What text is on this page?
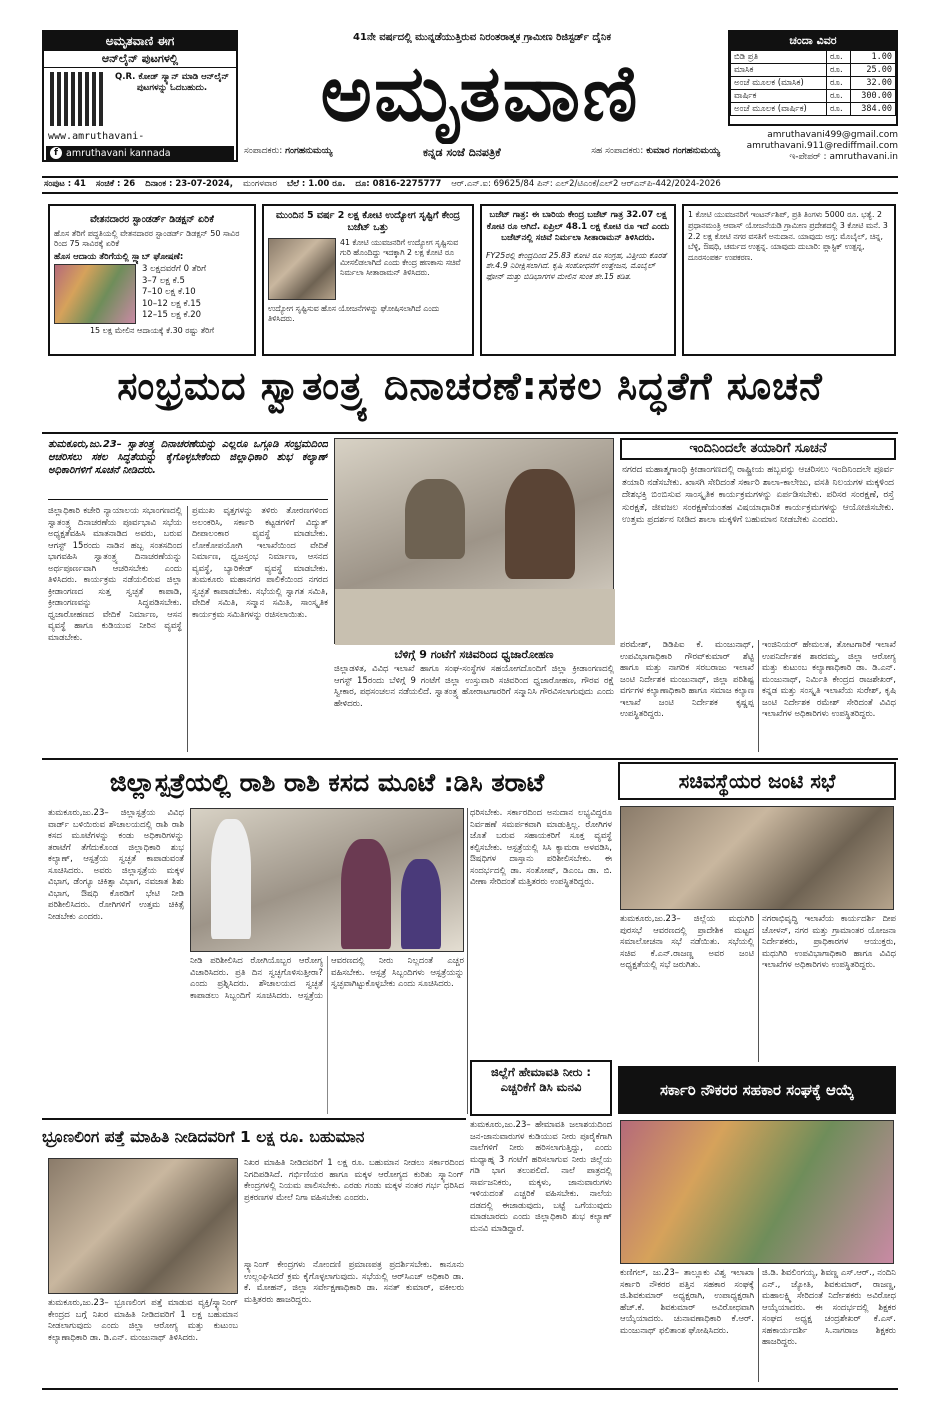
ಅಮೃತವಾಣಿ ಈಗ
ಆನ್‌ಲೈನ್ ಪುಟಗಳಲ್ಲಿ
Q.R. ಕೋಡ್ ಸ್ಕ್ಯಾನ್ ಮಾಡಿ ಆನ್‌ಲೈನ್ ಪುಟಗಳನ್ನು ಓದಬಹುದು.
www.amruthavani-
f amruthavani kannada
41ನೇ ವರ್ಷದಲ್ಲಿ ಮುನ್ನಡೆಯುತ್ತಿರುವ ನಿರಂತರಾತ್ಮಕ ಗ್ರಾಮೀಣ ರಿಜಿಸ್ಟರ್ಡ್ ದೈನಿಕ
ಅಮೃತವಾಣಿ
ಸಂಪಾದಕರು: ಗಂಗಹನುಮಯ್ಯ	ಕನ್ನಡ ಸಂಜೆ ದಿನಪತ್ರಿಕೆ	ಸಹ ಸಂಪಾದಕರು: ಕುಮಾರ ಗಂಗಹನುಮಯ್ಯ
ಚಂದಾ ವಿವರ
ಬಿಡಿ ಪ್ರತಿ	ರೂ.	1.00
ಮಾಸಿಕ	ರೂ.	25.00
ಅಂಚೆ ಮೂಲಕ (ಮಾಸಿಕ)	ರೂ.	32.00
ವಾರ್ಷಿಕ	ರೂ.	300.00
ಅಂಚೆ ಮೂಲಕ (ವಾರ್ಷಿಕ)	ರೂ.	384.00
amruthavani499@gmail.com
amruthavani.911@rediffmail.com
ಇ-ಪೇಪರ್ : amruthavani.in
ಸಂಪುಟ : 41 ಸಂಚಿಕೆ : 26 ದಿನಾಂಕ : 23-07-2024, ಮಂಗಳವಾರ ಬೆಲೆ : 1.00 ರೂ. ದೂ: 0816-2275777 ಆರ್.ಎನ್.ಐ: 69625/84 ಪಿನ್: ಎಲ್2/ಟಿಎಂಕೆ/ಎಲ್2 ಆರ್‌ಎನ್‌ಪಿ-442/2024-2026
ವೇತನದಾರರ ಸ್ಟಾಂಡರ್ಡ್ ಡಿಡಕ್ಷನ್ ಏರಿಕೆ
ಹೊಸ ತೆರಿಗೆ ಪದ್ಧತಿಯಲ್ಲಿ ವೇತನದಾರರ ಸ್ಟಾಂಡರ್ಡ್ ಡಿಡಕ್ಷನ್ 50 ಸಾವಿರ ರಿಂದ 75 ಸಾವಿರಕ್ಕೆ ಏರಿಕೆ
ಹೊಸ ಆದಾಯ ತೆರಿಗೆಯಲ್ಲಿ ಸ್ಲ್ಯಾಬ್ ಘೋಷಣೆ:
3 ಲಕ್ಷದವರೆಗೆ 0 ತೆರಿಗೆ
3–7 ಲಕ್ಷ ಕೆ.5
7–10 ಲಕ್ಷ ಕೆ.10
10–12 ಲಕ್ಷ ಕೆ.15
12–15 ಲಕ್ಷ ಕೆ.20
15 ಲಕ್ಷ ಮೇಲಿನ ಆದಾಯಕ್ಕೆ ಕೆ.30 ರಷ್ಟು ತೆರಿಗೆ
ಮುಂದಿನ 5 ವರ್ಷ 2 ಲಕ್ಷ ಕೋಟಿ ಉದ್ಯೋಗ ಸೃಷ್ಟಿಗೆ ಕೇಂದ್ರ ಬಜೆಟ್ ಒತ್ತು
41 ಕೋಟಿ ಯುವಜನರಿಗೆ ಉದ್ಯೋಗ ಸೃಷ್ಟಿಸುವ ಗುರಿ ಹೊಂದಿದ್ದು ಇದಕ್ಕಾಗಿ 2 ಲಕ್ಷ ಕೋಟಿ ರೂ ಮೀಸಲಿಡಲಾಗಿದೆ ಎಂದು ಕೇಂದ್ರ ಹಣಕಾಸು ಸಚಿವೆ ನಿರ್ಮಲಾ ಸೀತಾರಾಮನ್ ತಿಳಿಸಿದರು.
ಉದ್ಯೋಗ ಸೃಷ್ಟಿಸುವ ಹೊಸ ಯೋಜನೆಗಳನ್ನು ಘೋಷಿಸಲಾಗಿದೆ ಎಂದು ತಿಳಿಸಿದರು.
ಬಜೆಟ್ ಗಾತ್ರ: ಈ ಬಾರಿಯ ಕೇಂದ್ರ ಬಜೆಟ್ ಗಾತ್ರ 32.07 ಲಕ್ಷ ಕೋಟಿ ರೂ ಆಗಿದೆ. ಏಪ್ರಿಲ್ 48.1 ಲಕ್ಷ ಕೋಟಿ ರೂ ಇದೆ ಎಂದು ಬಜೆಟ್‌ನಲ್ಲಿ ಸಚಿವೆ ನಿರ್ಮಲಾ ಸೀತಾರಾಮನ್ ತಿಳಿಸಿದರು.
FY25ರಲ್ಲಿ ಕೇಂದ್ರದಿಂದ 25.83 ಕೋಟಿ ರೂ ಸಂಗ್ರಹ, ವಿತ್ತೀಯ ಕೊರತೆ ಶೇ.4.9 ನಿರೀಕ್ಷಿಸಲಾಗಿದೆ. ಕೃಷಿ ಸಂಶೋಧನೆಗೆ ಉತ್ತೇಜನ, ಮೊಬೈಲ್ ಫೋನ್ ಮತ್ತು ಬಿಡಿಭಾಗಗಳ ಮೇಲಿನ ಸುಂಕ ಶೇ.15 ಕಡಿತ.
1 ಕೋಟಿ ಯುವಜನರಿಗೆ ಇಂಟರ್ನ್‌ಶಿಪ್, ಪ್ರತಿ ತಿಂಗಳು 5000 ರೂ. ಭತ್ಯೆ. 2 ಪ್ರಧಾನಮಂತ್ರಿ ಆವಾಸ್ ಯೋಜನೆಯಡಿ ಗ್ರಾಮೀಣ ಪ್ರದೇಶದಲ್ಲಿ 3 ಕೋಟಿ ಮನೆ. 3 2.2 ಲಕ್ಷ ಕೋಟಿ ನಗರ ವಸತಿಗೆ ಅನುದಾನ. ಯಾವುದು ಅಗ್ಗ: ಮೊಬೈಲ್, ಚಿನ್ನ, ಬೆಳ್ಳಿ, ಔಷಧಿ, ಚರ್ಮದ ಉತ್ಪನ್ನ. ಯಾವುದು ದುಬಾರಿ: ಪ್ಲಾಸ್ಟಿಕ್ ಉತ್ಪನ್ನ, ದೂರಸಂಪರ್ಕ ಉಪಕರಣ.
ಸಂಭ್ರಮದ ಸ್ವಾತಂತ್ರ್ಯ ದಿನಾಚರಣೆ:ಸಕಲ ಸಿದ್ಧತೆಗೆ ಸೂಚನೆ
ತುಮಕೂರು,ಜು.23– ಸ್ವಾತಂತ್ರ್ಯ ದಿನಾಚರಣೆಯನ್ನು ಎಲ್ಲರೂ ಒಗ್ಗೂಡಿ ಸಂಭ್ರಮದಿಂದ ಆಚರಿಸಲು ಸಕಲ ಸಿದ್ಧತೆಯನ್ನು ಕೈಗೊಳ್ಳಬೇಕೆಂದು ಜಿಲ್ಲಾಧಿಕಾರಿ ಶುಭ ಕಲ್ಯಾಣ್ ಅಧಿಕಾರಿಗಳಿಗೆ ಸೂಚನೆ ನೀಡಿದರು.
ಜಿಲ್ಲಾಧಿಕಾರಿ ಕಚೇರಿ ನ್ಯಾಯಾಲಯ ಸಭಾಂಗಣದಲ್ಲಿ ಸ್ವಾತಂತ್ರ್ಯ ದಿನಾಚರಣೆಯ ಪೂರ್ವಭಾವಿ ಸಭೆಯ ಅಧ್ಯಕ್ಷತೆವಹಿಸಿ ಮಾತನಾಡಿದ ಅವರು, ಬರುವ ಆಗಸ್ಟ್ 15ರಂದು ನಾಡಿನ ಹಬ್ಬ ಸಂತಸದಿಂದ ಭಾಗವಹಿಸಿ ಸ್ವಾತಂತ್ರ್ಯ ದಿನಾಚರಣೆಯನ್ನು ಅರ್ಥಪೂರ್ಣವಾಗಿ ಆಚರಿಸಬೇಕು ಎಂದು ತಿಳಿಸಿದರು. ಕಾರ್ಯಕ್ರಮ ನಡೆಯಲಿರುವ ಜಿಲ್ಲಾ ಕ್ರೀಡಾಂಗಣದ ಸುತ್ತ ಸ್ವಚ್ಛತೆ ಕಾಪಾಡಿ, ಕ್ರೀಡಾಂಗಣವನ್ನು ಸಿದ್ಧಪಡಿಸಬೇಕು. ಧ್ವಜಾರೋಹಣದ ವೇದಿಕೆ ನಿರ್ಮಾಣ, ಆಸನ ವ್ಯವಸ್ಥೆ ಹಾಗೂ ಕುಡಿಯುವ ನೀರಿನ ವ್ಯವಸ್ಥೆ ಮಾಡಬೇಕು.
ಪ್ರಮುಖ ವೃತ್ತಗಳನ್ನು ತಳಿರು ತೋರಣಗಳಿಂದ ಅಲಂಕರಿಸಿ, ಸರ್ಕಾರಿ ಕಟ್ಟಡಗಳಿಗೆ ವಿದ್ಯುತ್ ದೀಪಾಲಂಕಾರ ವ್ಯವಸ್ಥೆ ಮಾಡಬೇಕು. ಲೋಕೋಪಯೋಗಿ ಇಲಾಖೆಯಿಂದ ವೇದಿಕೆ ನಿರ್ಮಾಣ, ಧ್ವಜಸ್ತಂಭ ನಿರ್ಮಾಣ, ಆಸನದ ವ್ಯವಸ್ಥೆ, ಬ್ಯಾರಿಕೇಡ್ ವ್ಯವಸ್ಥೆ ಮಾಡಬೇಕು. ತುಮಕೂರು ಮಹಾನಗರ ಪಾಲಿಕೆಯಿಂದ ನಗರದ ಸ್ವಚ್ಛತೆ ಕಾಪಾಡಬೇಕು. ಸಭೆಯಲ್ಲಿ ಸ್ವಾಗತ ಸಮಿತಿ, ವೇದಿಕೆ ಸಮಿತಿ, ಸನ್ಮಾನ ಸಮಿತಿ, ಸಾಂಸ್ಕೃತಿಕ ಕಾರ್ಯಕ್ರಮ ಸಮಿತಿಗಳನ್ನು ರಚಿಸಲಾಯಿತು.
ಬೆಳಿಗ್ಗೆ 9 ಗಂಟೆಗೆ ಸಚಿವರಿಂದ ಧ್ವಜಾರೋಹಣ
ಜಿಲ್ಲಾಡಳಿತ, ವಿವಿಧ ಇಲಾಖೆ ಹಾಗೂ ಸಂಘ-ಸಂಸ್ಥೆಗಳ ಸಹಯೋಗದೊಂದಿಗೆ ಜಿಲ್ಲಾ ಕ್ರೀಡಾಂಗಣದಲ್ಲಿ ಆಗಸ್ಟ್ 15ರಂದು ಬೆಳಿಗ್ಗೆ 9 ಗಂಟೆಗೆ ಜಿಲ್ಲಾ ಉಸ್ತುವಾರಿ ಸಚಿವರಿಂದ ಧ್ವಜಾರೋಹಣ, ಗೌರವ ರಕ್ಷೆ ಸ್ವೀಕಾರ, ಪಥಸಂಚಲನ ನಡೆಯಲಿದೆ. ಸ್ವಾತಂತ್ರ್ಯ ಹೋರಾಟಗಾರರಿಗೆ ಸನ್ಮಾನಿಸಿ ಗೌರವಿಸಲಾಗುವುದು ಎಂದು ಹೇಳಿದರು.
ಇಂದಿನಿಂದಲೇ ತಯಾರಿಗೆ ಸೂಚನೆ
ನಗರದ ಮಹಾತ್ಮಗಾಂಧಿ ಕ್ರೀಡಾಂಗಣದಲ್ಲಿ ರಾಷ್ಟ್ರೀಯ ಹಬ್ಬವನ್ನು ಆಚರಿಸಲು ಇಂದಿನಿಂದಲೇ ಪೂರ್ವ ತಯಾರಿ ನಡೆಸಬೇಕು. ಖಾಸಗಿ ಸೇರಿದಂತೆ ಸರ್ಕಾರಿ ಶಾಲಾ-ಕಾಲೇಜು, ವಸತಿ ನಿಲಯಗಳ ಮಕ್ಕಳಿಂದ ದೇಶಭಕ್ತಿ ಬಿಂಬಿಸುವ ಸಾಂಸ್ಕೃತಿಕ ಕಾರ್ಯಕ್ರಮಗಳನ್ನು ಏರ್ಪಡಿಸಬೇಕು. ಪರಿಸರ ಸಂರಕ್ಷಣೆ, ರಸ್ತೆ ಸುರಕ್ಷತೆ, ಜೀವಜಲ ಸಂರಕ್ಷಣೆಯಂತಹ ವಿಷಯಾಧಾರಿತ ಕಾರ್ಯಕ್ರಮಗಳನ್ನು ಆಯೋಜಿಸಬೇಕು. ಉತ್ತಮ ಪ್ರದರ್ಶನ ನೀಡಿದ ಶಾಲಾ ಮಕ್ಕಳಿಗೆ ಬಹುಮಾನ ನೀಡಬೇಕು ಎಂದರು.
ಪರಮೇಶ್, ಡಿಡಿಪಿಐ ಕೆ. ಮಂಜುನಾಥ್, ಉಪವಿಭಾಗಾಧಿಕಾರಿ ಗೌರವ್‌ಕುಮಾರ್ ಶೆಟ್ಟಿ ಹಾಗೂ ಮತ್ತು ನಾಗರಿಕ ಸರಬರಾಜು ಇಲಾಖೆ ಜಂಟಿ ನಿರ್ದೇಶಕ ಮಂಜುನಾಥ್, ಜಿಲ್ಲಾ ಪರಿಶಿಷ್ಟ ವರ್ಗಗಳ ಕಲ್ಯಾಣಾಧಿಕಾರಿ ಹಾಗೂ ಸಮಾಜ ಕಲ್ಯಾಣ ಇಲಾಖೆ ಜಂಟಿ ನಿರ್ದೇಶಕ ಕೃಷ್ಣಪ್ಪ ಉಪಸ್ಥಿತರಿದ್ದರು.
ಇಂಜಿನಿಯರ್ ಹೇಮಲತ, ತೋಟಗಾರಿಕೆ ಇಲಾಖೆ ಉಪನಿರ್ದೇಶಕ ಶಾರದಮ್ಮ, ಜಿಲ್ಲಾ ಆರೋಗ್ಯ ಮತ್ತು ಕುಟುಂಬ ಕಲ್ಯಾಣಾಧಿಕಾರಿ ಡಾ. ಡಿ.ಎನ್. ಮಂಜುನಾಥ್, ನಿರ್ಮಿತಿ ಕೇಂದ್ರದ ರಾಜಶೇಖರ್, ಕನ್ನಡ ಮತ್ತು ಸಂಸ್ಕೃತಿ ಇಲಾಖೆಯ ಸುರೇಶ್, ಕೃಷಿ ಜಂಟಿ ನಿರ್ದೇಶಕ ರಮೇಶ್ ಸೇರಿದಂತೆ ವಿವಿಧ ಇಲಾಖೆಗಳ ಅಧಿಕಾರಿಗಳು ಉಪಸ್ಥಿತರಿದ್ದರು.
ಜಿಲ್ಲಾಸ್ಪತ್ರೆಯಲ್ಲಿ ರಾಶಿ ರಾಶಿ ಕಸದ ಮೂಟೆ :ಡಿಸಿ ತರಾಟೆ
ತುಮಕೂರು,ಜು.23– ಜಿಲ್ಲಾಸ್ಪತ್ರೆಯ ವಿವಿಧ ವಾರ್ಡ್ ಬಳಿಯಿರುವ ಶೌಚಾಲಯದಲ್ಲಿ ರಾಶಿ ರಾಶಿ ಕಸದ ಮೂಟೆಗಳನ್ನು ಕಂಡು ಅಧಿಕಾರಿಗಳನ್ನು ತರಾಟೆಗೆ ತೆಗೆದುಕೊಂಡ ಜಿಲ್ಲಾಧಿಕಾರಿ ಶುಭ ಕಲ್ಯಾಣ್, ಆಸ್ಪತ್ರೆಯ ಸ್ವಚ್ಛತೆ ಕಾಪಾಡುವಂತೆ ಸೂಚಿಸಿದರು. ಅವರು ಜಿಲ್ಲಾಸ್ಪತ್ರೆಯ ಮಕ್ಕಳ ವಿಭಾಗ, ಡೆಂಗ್ಯೂ ಚಿಕಿತ್ಸಾ ವಿಭಾಗ, ನವಜಾತ ಶಿಶು ವಿಭಾಗ, ಔಷಧಿ ಕೊಠಡಿಗೆ ಭೇಟಿ ನೀಡಿ ಪರಿಶೀಲಿಸಿದರು. ರೋಗಿಗಳಿಗೆ ಉತ್ತಮ ಚಿಕಿತ್ಸೆ ನೀಡಬೇಕು ಎಂದರು.
ನೀಡಿ ಪರಿಶೀಲಿಸಿದ ರೋಗಿಯೊಬ್ಬರ ಆರೋಗ್ಯ ವಿಚಾರಿಸಿದರು. ಪ್ರತಿ ದಿನ ಸ್ವಚ್ಛಗೊಳಿಸುತ್ತೀರಾ? ಎಂದು ಪ್ರಶ್ನಿಸಿದರು. ಶೌಚಾಲಯದ ಸ್ವಚ್ಛತೆ ಕಾಪಾಡಲು ಸಿಬ್ಬಂದಿಗೆ ಸೂಚಿಸಿದರು. ಆಸ್ಪತ್ರೆಯ ಆವರಣದಲ್ಲಿ ನೀರು ನಿಲ್ಲದಂತೆ ಎಚ್ಚರ ವಹಿಸಬೇಕು. ಆಸ್ಪತ್ರೆ ಸಿಬ್ಬಂದಿಗಳು ಆಸ್ಪತ್ರೆಯನ್ನು ಸ್ವಚ್ಛವಾಗಿಟ್ಟುಕೊಳ್ಳಬೇಕು ಎಂದು ಸೂಚಿಸಿದರು.
ಧರಿಸಬೇಕು. ಸರ್ಕಾರದಿಂದ ಅನುದಾನ ಲಭ್ಯವಿದ್ದರೂ ನಿರ್ವಹಣೆ ಸಮರ್ಪಕವಾಗಿ ಮಾಡುತ್ತಿಲ್ಲ. ರೋಗಿಗಳ ಜೊತೆ ಬರುವ ಸಹಾಯಕರಿಗೆ ಸೂಕ್ತ ವ್ಯವಸ್ಥೆ ಕಲ್ಪಿಸಬೇಕು. ಆಸ್ಪತ್ರೆಯಲ್ಲಿ ಸಿಸಿ ಕ್ಯಾಮರಾ ಅಳವಡಿಸಿ, ಔಷಧಿಗಳ ದಾಸ್ತಾನು ಪರಿಶೀಲಿಸಬೇಕು. ಈ ಸಂದರ್ಭದಲ್ಲಿ ಡಾ. ಸಂತೋಷ್, ಡಿಎಂಒ ಡಾ. ಬಿ. ವೀಣಾ ಸೇರಿದಂತೆ ಮತ್ತಿತರರು ಉಪಸ್ಥಿತರಿದ್ದರು.
ಜಿಲ್ಲೆಗೆ ಹೇಮಾವತಿ ನೀರು : ಎಚ್ಚರಿಕೆಗೆ ಡಿಸಿ ಮನವಿ
ತುಮಕೂರು,ಜು.23– ಹೇಮಾವತಿ ಜಲಾಶಯದಿಂದ ಜನ-ಜಾನುವಾರುಗಳ ಕುಡಿಯುವ ನೀರು ಪೂರೈಕೆಗಾಗಿ ನಾಲೆಗಳಿಗೆ ನೀರು ಹರಿಸಲಾಗುತ್ತಿದ್ದು, ಎಂದು ಮಧ್ಯಾಹ್ನ 3 ಗಂಟೆಗೆ ಹರಿಸಲಾಗುವ ನೀರು ಜಿಲ್ಲೆಯ ಗಡಿ ಭಾಗ ತಲುಪಲಿದೆ. ನಾಲೆ ಪಾತ್ರದಲ್ಲಿ ಸಾರ್ವಜನಿಕರು, ಮಕ್ಕಳು, ಜಾನುವಾರುಗಳು ಇಳಿಯದಂತೆ ಎಚ್ಚರಿಕೆ ವಹಿಸಬೇಕು. ನಾಲೆಯ ದಡದಲ್ಲಿ ಈಜಾಡುವುದು, ಬಟ್ಟೆ ಒಗೆಯುವುದು ಮಾಡಬಾರದು ಎಂದು ಜಿಲ್ಲಾಧಿಕಾರಿ ಶುಭ ಕಲ್ಯಾಣ್ ಮನವಿ ಮಾಡಿದ್ದಾರೆ.
ಸಚಿವಸ್ಥೆಯರ ಜಂಟಿ ಸಭೆ
ತುಮಕೂರು,ಜು.23– ಜಿಲ್ಲೆಯ ಮಧುಗಿರಿ ಪುರಸಭೆ ಆವರಣದಲ್ಲಿ ಪ್ರಾದೇಶಿಕ ಮಟ್ಟದ ಸಮಾಲೋಚನಾ ಸಭೆ ನಡೆಯಿತು. ಸಭೆಯಲ್ಲಿ ಸಚಿವ ಕೆ.ಎನ್.ರಾಜಣ್ಣ ಅವರ ಜಂಟಿ ಅಧ್ಯಕ್ಷತೆಯಲ್ಲಿ ಸಭೆ ಜರುಗಿತು.
ನಗರಾಭಿವೃದ್ಧಿ ಇಲಾಖೆಯ ಕಾರ್ಯದರ್ಶಿ ದೀಪ ಚೋಳನ್, ನಗರ ಮತ್ತು ಗ್ರಾಮಾಂತರ ಯೋಜನಾ ನಿರ್ದೇಶಕರು, ಪ್ರಾಧಿಕಾರಗಳ ಆಯುಕ್ತರು, ಮಧುಗಿರಿ ಉಪವಿಭಾಗಾಧಿಕಾರಿ ಹಾಗೂ ವಿವಿಧ ಇಲಾಖೆಗಳ ಅಧಿಕಾರಿಗಳು ಉಪಸ್ಥಿತರಿದ್ದರು.
ಸರ್ಕಾರಿ ನೌಕರರ ಸಹಕಾರ ಸಂಘಕ್ಕೆ ಆಯ್ಕೆ
ಕುಣಿಗಲ್, ಜು.23– ತಾಲ್ಲೂಕು ವಿಶ್ವ ಇಲಾಖಾ ಸರ್ಕಾರಿ ನೌಕರರ ಪತ್ತಿನ ಸಹಕಾರ ಸಂಘಕ್ಕೆ ಜಿ.ಶಿವಕುಮಾರ್ ಅಧ್ಯಕ್ಷರಾಗಿ, ಉಪಾಧ್ಯಕ್ಷರಾಗಿ ಹೆಚ್.ಕೆ. ಶಿವಕುಮಾರ್ ಅವಿರೋಧವಾಗಿ ಆಯ್ಕೆಯಾದರು. ಚುನಾವಣಾಧಿಕಾರಿ ಕೆ.ಆರ್. ಮಂಜುನಾಥ್ ಫಲಿತಾಂಶ ಘೋಷಿಸಿದರು.
ಜಿ.ಡಿ. ಶಿವಲಿಂಗಯ್ಯ, ಶಿವಣ್ಣ ಎಸ್.ಆರ್., ನಂದಿನಿ ಎನ್., ಜ್ಯೋತಿ, ಶಿವಕುಮಾರ್, ರಾಜಣ್ಣ, ಮಹಾಲಕ್ಷ್ಮಿ ಸೇರಿದಂತೆ ನಿರ್ದೇಶಕರು ಅವಿರೋಧ ಆಯ್ಕೆಯಾದರು. ಈ ಸಂದರ್ಭದಲ್ಲಿ ಶಿಕ್ಷಕರ ಸಂಘದ ಅಧ್ಯಕ್ಷ ಚಂದ್ರಶೇಖರ್ ಕೆ.ಎಸ್. ಸಹಕಾರ್ಯದರ್ಶಿ ಸಿ.ನಾಗರಾಜ ಶಿಕ್ಷಕರು ಹಾಜರಿದ್ದರು.
ಭ್ರೂಣಲಿಂಗ ಪತ್ತೆ ಮಾಹಿತಿ ನೀಡಿದವರಿಗೆ 1 ಲಕ್ಷ ರೂ. ಬಹುಮಾನ
ತುಮಕೂರು,ಜು.23– ಭ್ರೂಣಲಿಂಗ ಪತ್ತೆ ಮಾಡುವ ವ್ಯಕ್ತಿ/ಸ್ಕ್ಯಾನಿಂಗ್ ಕೇಂದ್ರದ ಬಗ್ಗೆ ನಿಖರ ಮಾಹಿತಿ ನೀಡಿದವರಿಗೆ 1 ಲಕ್ಷ ಬಹುಮಾನ ನೀಡಲಾಗುವುದು ಎಂದು ಜಿಲ್ಲಾ ಆರೋಗ್ಯ ಮತ್ತು ಕುಟುಂಬ ಕಲ್ಯಾಣಾಧಿಕಾರಿ ಡಾ. ಡಿ.ಎನ್. ಮಂಜುನಾಥ್ ತಿಳಿಸಿದರು.
ನಿಖರ ಮಾಹಿತಿ ನೀಡಿದವರಿಗೆ 1 ಲಕ್ಷ ರೂ. ಬಹುಮಾನ ನೀಡಲು ಸರ್ಕಾರದಿಂದ ನಿಗದಿಪಡಿಸಿದೆ. ಗರ್ಭಿಣಿಯರ ಹಾಗೂ ಮಕ್ಕಳ ಆರೋಗ್ಯದ ಕುರಿತು ಸ್ಕ್ಯಾನಿಂಗ್ ಕೇಂದ್ರಗಳಲ್ಲಿ ನಿಯಮ ಪಾಲಿಸಬೇಕು. ಎರಡು ಗಂಡು ಮಕ್ಕಳ ನಂತರ ಗರ್ಭ ಧರಿಸಿದ ಪ್ರಕರಣಗಳ ಮೇಲೆ ನಿಗಾ ವಹಿಸಬೇಕು ಎಂದರು.
ಸ್ಕ್ಯಾನಿಂಗ್ ಕೇಂದ್ರಗಳು ನೋಂದಣಿ ಪ್ರಮಾಣಪತ್ರ ಪ್ರದರ್ಶಿಸಬೇಕು. ಕಾನೂನು ಉಲ್ಲಂಘಿಸಿದರೆ ಕ್ರಮ ಕೈಗೊಳ್ಳಲಾಗುವುದು. ಸಭೆಯಲ್ಲಿ ಆರ್‌ಸಿಎಚ್ ಅಧಿಕಾರಿ ಡಾ. ಕೆ. ಮೋಹನ್, ಜಿಲ್ಲಾ ಸರ್ವೇಕ್ಷಣಾಧಿಕಾರಿ ಡಾ. ಸನತ್ ಕುಮಾರ್, ವಕೀಲರು ಮತ್ತಿತರರು ಹಾಜರಿದ್ದರು.
